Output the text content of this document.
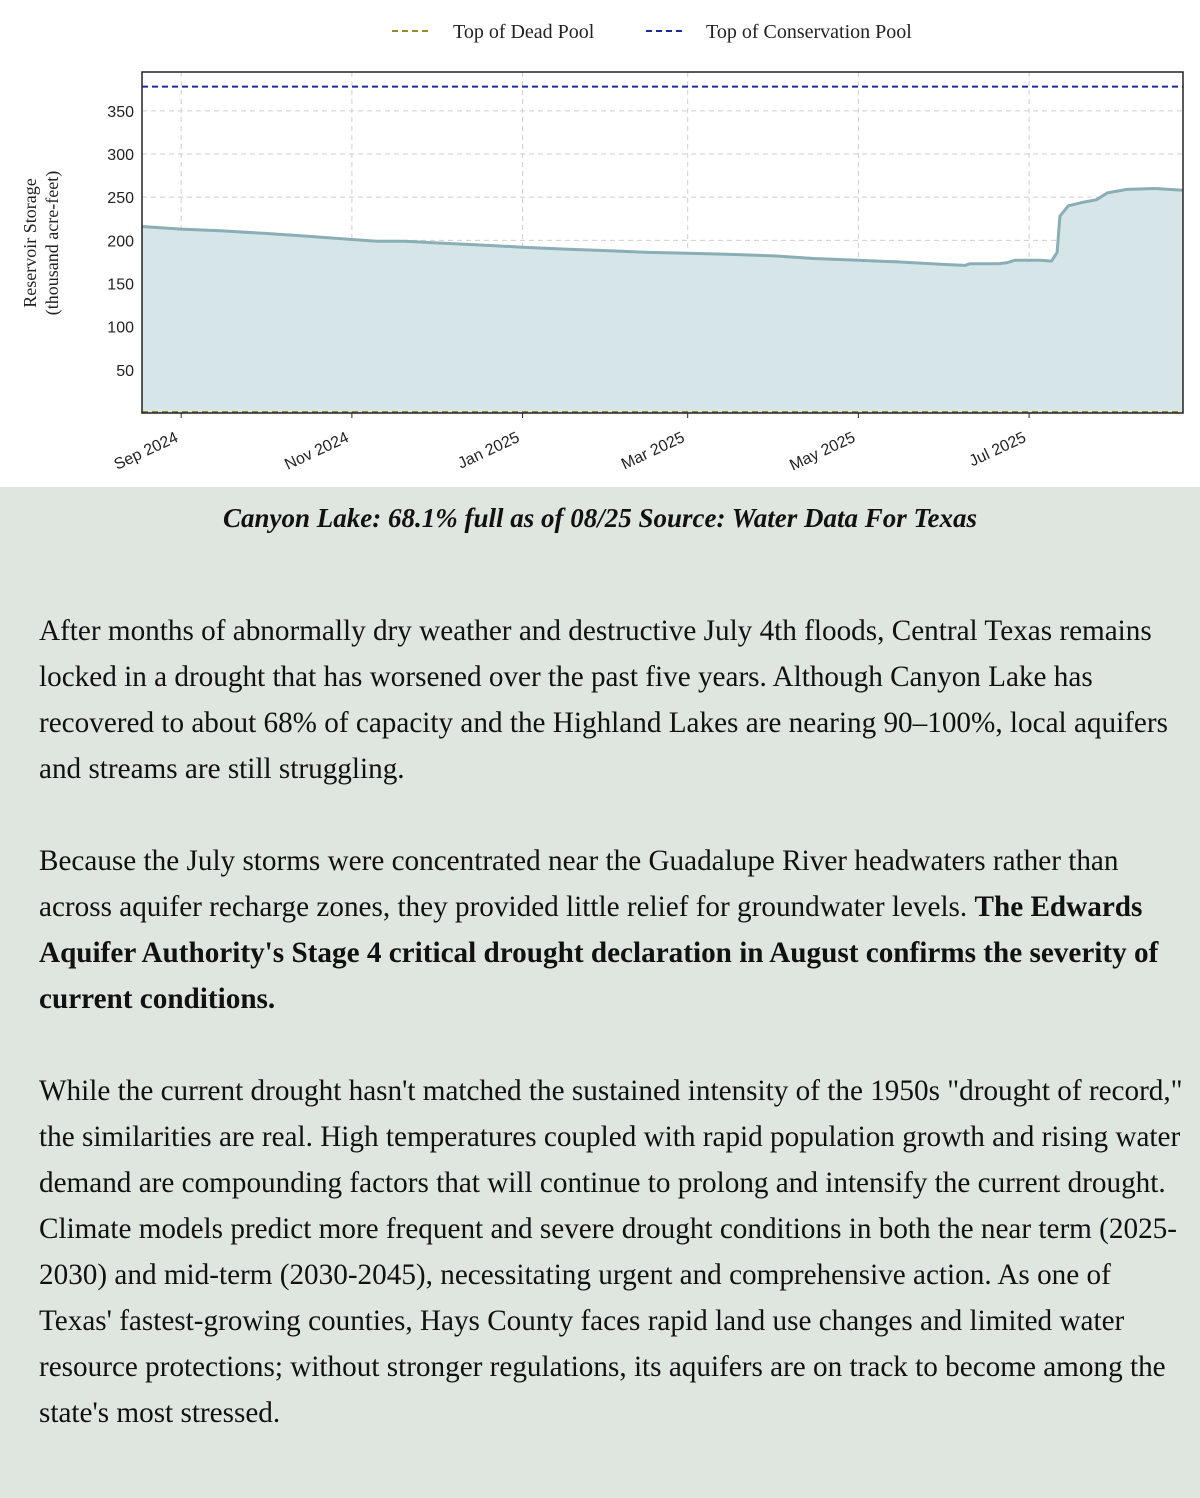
Top of Dead Pool	Top of Conservation Pool
Reservoir Storage (thousand acre-feet)
50
100
150
200
250
300
350
Sep 2024	Nov 2024	Jan 2025	Mar 2025	May 2025	Jul 2025
Canyon Lake: 68.1% full as of 08/25 Source: Water Data For Texas

After months of abnormally dry weather and destructive July 4th floods, Central Texas remains locked in a drought that has worsened over the past five years. Although Canyon Lake has recovered to about 68% of capacity and the Highland Lakes are nearing 90–100%, local aquifers and streams are still struggling.

Because the July storms were concentrated near the Guadalupe River headwaters rather than across aquifer recharge zones, they provided little relief for groundwater levels. The Edwards Aquifer Authority's Stage 4 critical drought declaration in August confirms the severity of current conditions.

While the current drought hasn't matched the sustained intensity of the 1950s "drought of record," the similarities are real. High temperatures coupled with rapid population growth and rising water demand are compounding factors that will continue to prolong and intensify the current drought. Climate models predict more frequent and severe drought conditions in both the near term (2025-2030) and mid-term (2030-2045), necessitating urgent and comprehensive action. As one of Texas' fastest-growing counties, Hays County faces rapid land use changes and limited water resource protections; without stronger regulations, its aquifers are on track to become among the state's most stressed.
